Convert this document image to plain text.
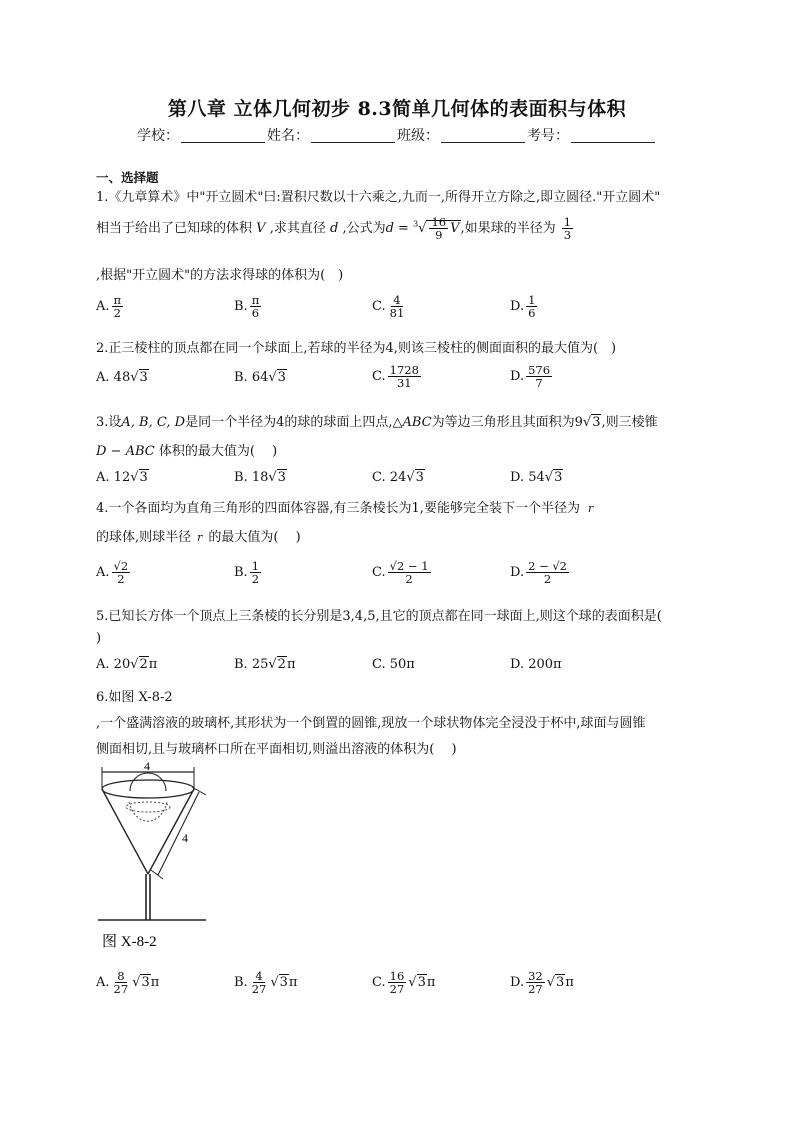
第八章 立体几何初步 8.3简单几何体的表面积与体积
学校：	姓名：	班级：	考号：
一、选择题
1.《九章算术》中"开立圆术"曰:置积尺数以十六乘之,九而一,所得开立方除之,即立圆径."开立圆术"
相当于给出了已知球的体积 V ,求其直径 d ,公式为$d = ^3√ \frac{16}{9} V$,如果球的半径为 $\frac{1}{3}$
,根据"开立圆术"的方法求得球的体积为(　)
A. $\frac{\pi}{2}$	B. $\frac{\pi}{6}$	C. $\frac{4}{81}$	D. $\frac{1}{6}$
2.正三棱柱的顶点都在同一个球面上,若球的半径为4,则该三棱柱的侧面面积的最大值为(　)
A. 48√3	B. 64√3	C. $\frac{1728}{31}$	D. $\frac{576}{7}$
3.设A, B, C, D是同一个半径为4的球的球面上四点,△ABC为等边三角形且其面积为9√3,则三棱锥
D − ABC 体积的最大值为(　 )
A. 12√3	B. 18√3	C. 24√3	D. 54√3
4.一个各面均为直角三角形的四面体容器,有三条棱长为1,要能够完全装下一个半径为 r
的球体,则球半径 r 的最大值为(　 )
A. $\frac{√2}{2}$	B. $\frac{1}{2}$	C. $\frac{√2 - 1}{2}$	D. $\frac{2 - √2}{2}$
5.已知长方体一个顶点上三条棱的长分别是3,4,5,且它的顶点都在同一球面上,则这个球的表面积是(
)
A. 20√2π	B. 25√2π	C. 50π	D. 200π
6.如图 X-8-2
,一个盛满溶液的玻璃杯,其形状为一个倒置的圆锥,现放一个球状物体完全浸没于杯中,球面与圆锥
侧面相切,且与玻璃杯口所在平面相切,则溢出溶液的体积为(　 )
4
4
图 X-8-2
A. $\frac{8}{27} √3\pi$	B. $\frac{4}{27} √3\pi$	C. $\frac{16}{27} √3\pi$	D. $\frac{32}{27} √3\pi$
